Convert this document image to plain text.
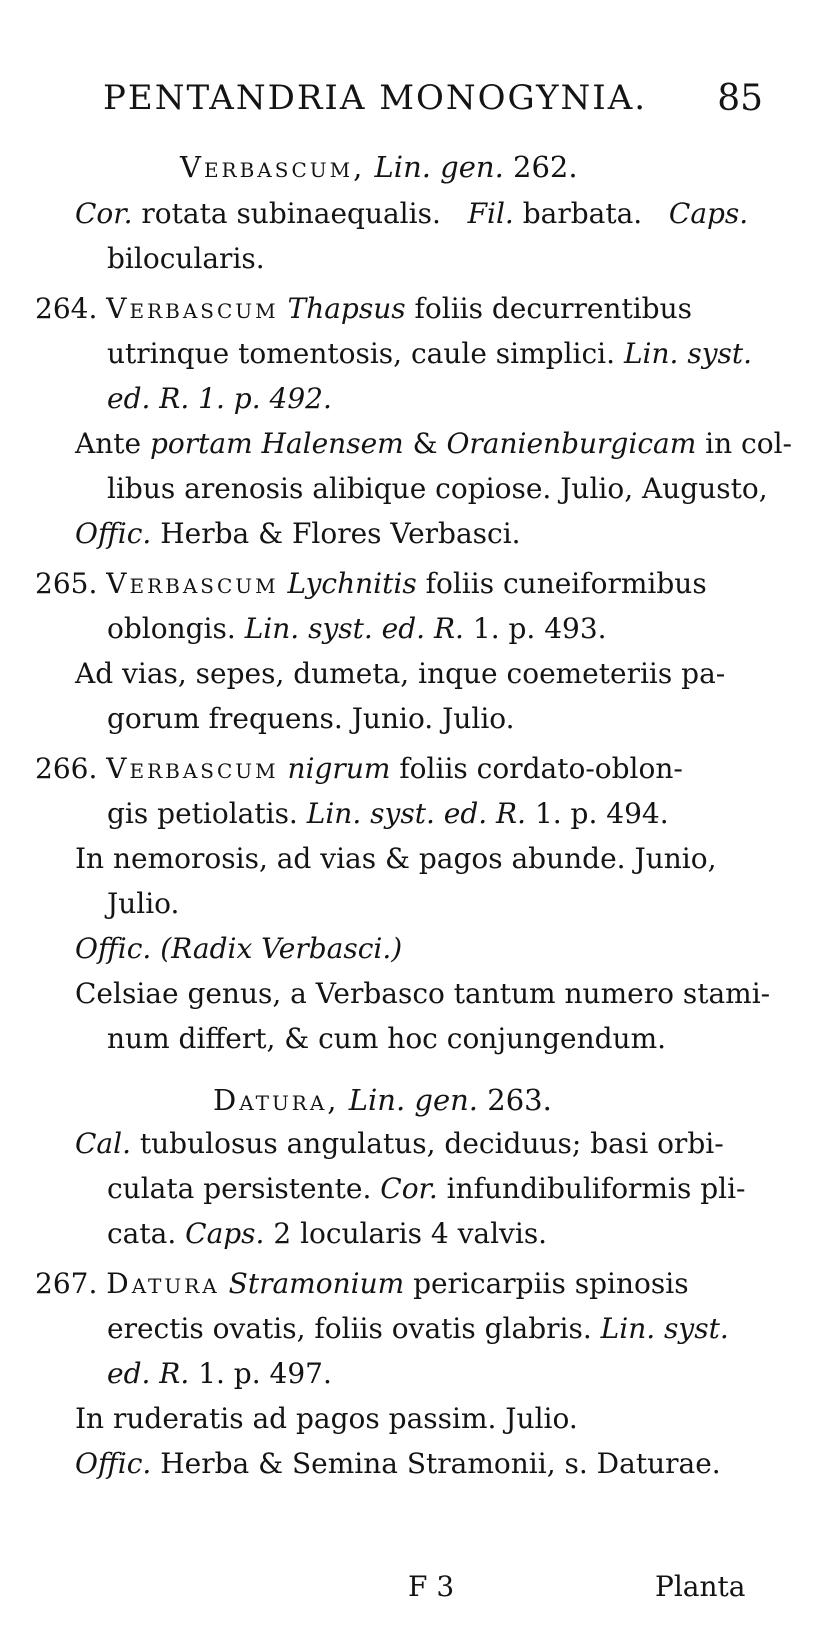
PENTANDRIA MONOGYNIA. 85
Verbascum, Lin. gen. 262.
Cor. rotata subinaequalis. Fil. barbata. Caps.
bilocularis.
264. Verbascum Thapsus foliis decurrentibus
utrinque tomentosis, caule simplici. Lin. syst.
ed. R. 1. p. 492.
Ante portam Halensem & Oranienburgicam in col-
libus arenosis alibique copiose. Julio, Augusto,
Offic. Herba & Flores Verbasci.
265. Verbascum Lychnitis foliis cuneiformibus
oblongis. Lin. syst. ed. R. 1. p. 493.
Ad vias, sepes, dumeta, inque coemeteriis pa-
gorum frequens. Junio. Julio.
266. Verbascum nigrum foliis cordato-oblon-
gis petiolatis. Lin. syst. ed. R. 1. p. 494.
In nemorosis, ad vias & pagos abunde. Junio,
Julio.
Offic. (Radix Verbasci.)
Celsiae genus, a Verbasco tantum numero stami-
num differt, & cum hoc conjungendum.
Datura, Lin. gen. 263.
Cal. tubulosus angulatus, deciduus; basi orbi-
culata persistente. Cor. infundibuliformis pli-
cata. Caps. 2 locularis 4 valvis.
267. Datura Stramonium pericarpiis spinosis
erectis ovatis, foliis ovatis glabris. Lin. syst.
ed. R. 1. p. 497.
In ruderatis ad pagos passim. Julio.
Offic. Herba & Semina Stramonii, s. Daturae.
F 3	Planta
